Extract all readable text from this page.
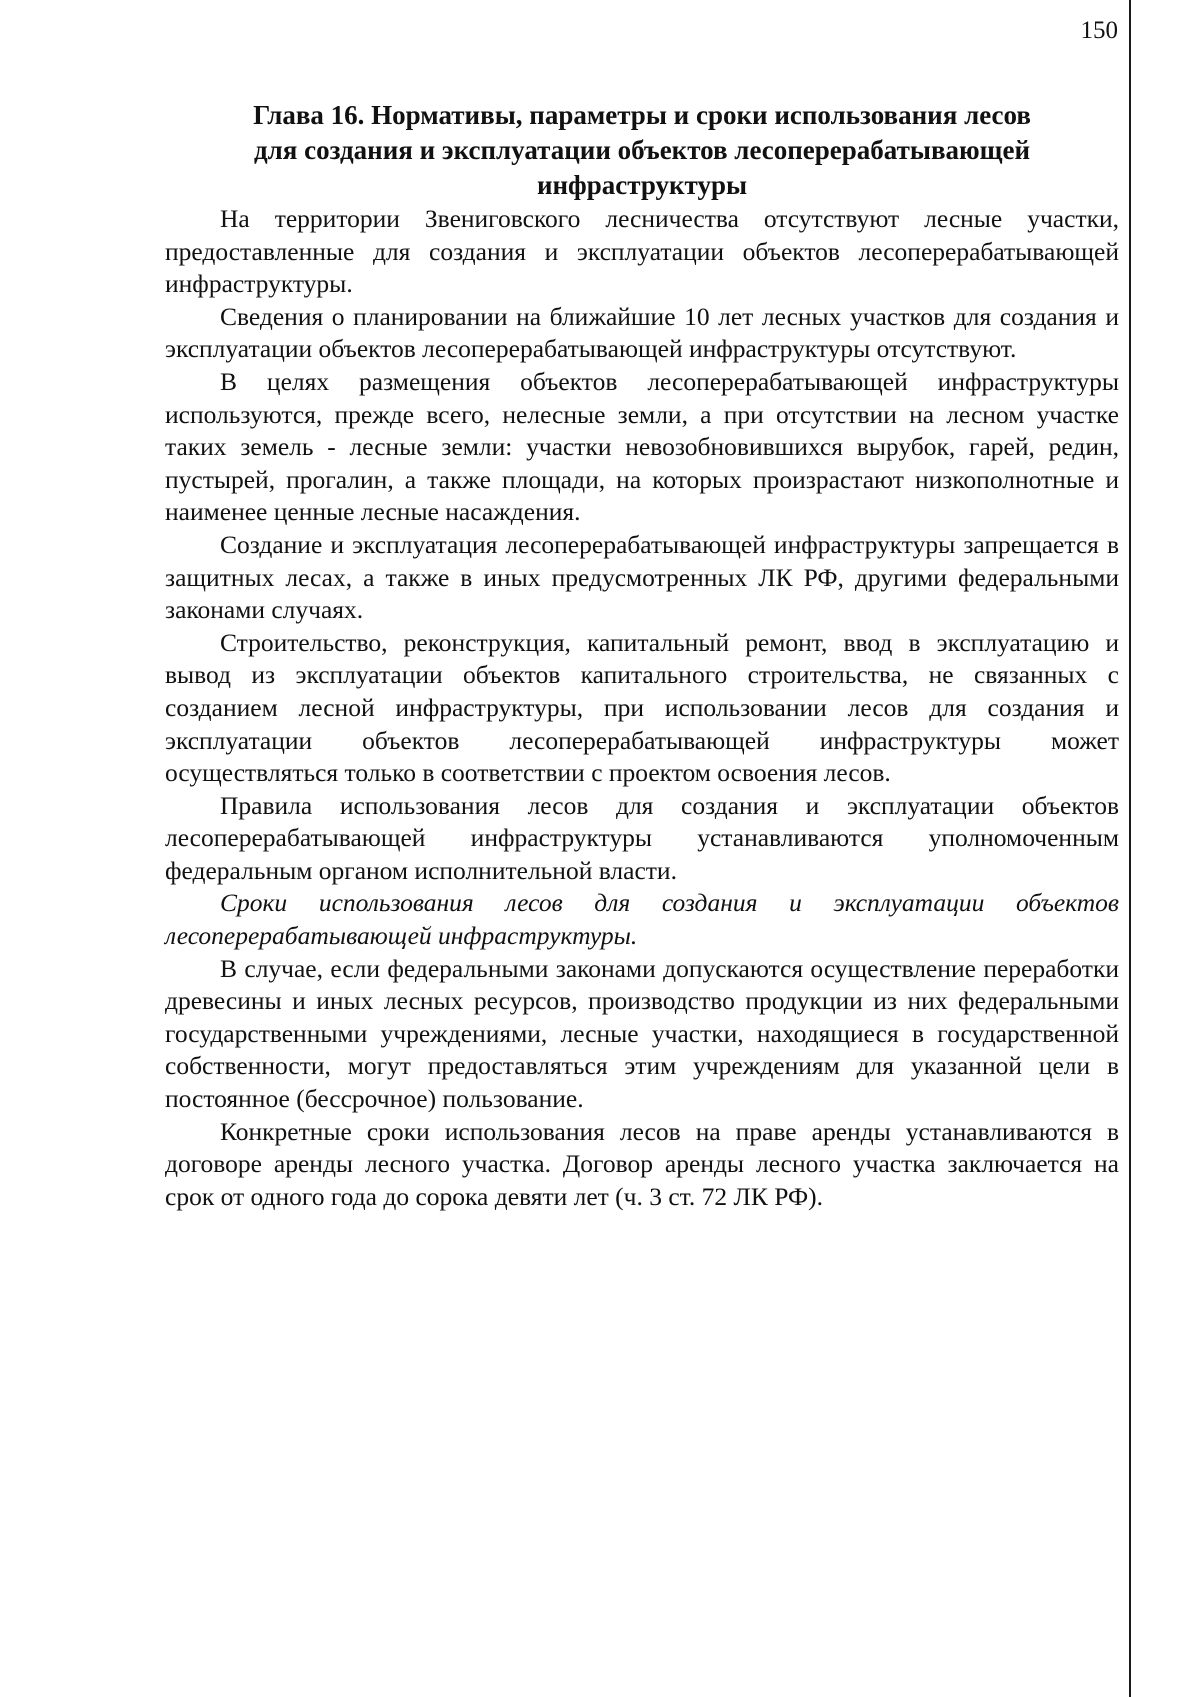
150
Глава 16. Нормативы, параметры и сроки использования лесов
для создания и эксплуатации объектов лесоперерабатывающей
инфраструктуры

На территории Звениговского лесничества отсутствуют лесные участки, предоставленные для создания и эксплуатации объектов лесоперерабатывающей инфраструктуры.

Сведения о планировании на ближайшие 10 лет лесных участков для создания и эксплуатации объектов лесоперерабатывающей инфраструктуры отсутствуют.

В целях размещения объектов лесоперерабатывающей инфраструктуры используются, прежде всего, нелесные земли, а при отсутствии на лесном участке таких земель - лесные земли: участки невозобновившихся вырубок, гарей, редин, пустырей, прогалин, а также площади, на которых произрастают низкополнотные и наименее ценные лесные насаждения.

Создание и эксплуатация лесоперерабатывающей инфраструктуры запрещается в защитных лесах, а также в иных предусмотренных ЛК РФ, другими федеральными законами случаях.

Строительство, реконструкция, капитальный ремонт, ввод в эксплуатацию и вывод из эксплуатации объектов капитального строительства, не связанных с созданием лесной инфраструктуры, при использовании лесов для создания и эксплуатации объектов лесоперерабатывающей инфраструктуры может осуществляться только в соответствии с проектом освоения лесов.

Правила использования лесов для создания и эксплуатации объектов лесоперерабатывающей инфраструктуры устанавливаются уполномоченным федеральным органом исполнительной власти.

Сроки использования лесов для создания и эксплуатации объектов лесоперерабатывающей инфраструктуры.

В случае, если федеральными законами допускаются осуществление переработки древесины и иных лесных ресурсов, производство продукции из них федеральными государственными учреждениями, лесные участки, находящиеся в государственной собственности, могут предоставляться этим учреждениям для указанной цели в постоянное (бессрочное) пользование.

Конкретные сроки использования лесов на праве аренды устанавливаются в договоре аренды лесного участка. Договор аренды лесного участка заключается на срок от одного года до сорока девяти лет (ч. 3 ст. 72 ЛК РФ).
